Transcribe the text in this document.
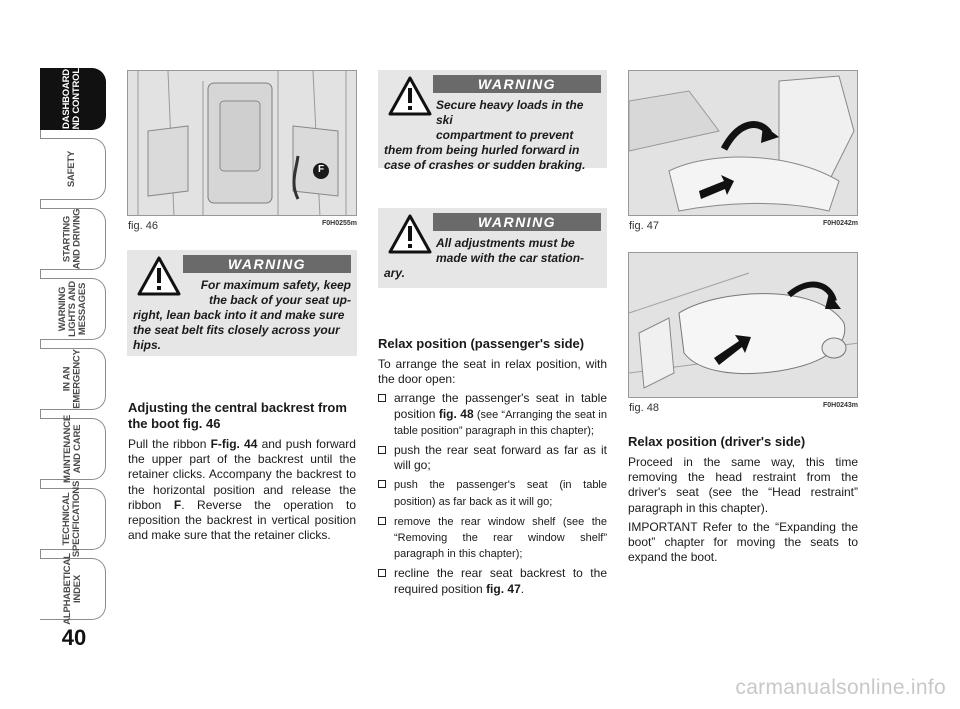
DASHBOARD
AND CONTROLS
SAFETY
STARTING
AND DRIVING
WARNING
LIGHTS AND
MESSAGES
IN AN
EMERGENCY
MAINTENANCE
AND CARE
TECHNICAL
SPECIFICATIONS
ALPHABETICAL
INDEX
40
F
fig. 46	F0H0255m
WARNING
For maximum safety, keep
the back of your seat up-
right, lean back into it and make sure the seat belt fits closely across your hips.
Adjusting the central backrest from the boot fig. 46

Pull the ribbon F-fig. 44 and push forward the upper part of the backrest until the retainer clicks. Accompany the backrest to the horizontal position and release the ribbon F. Reverse the operation to reposition the backrest in vertical position and make sure that the retainer clicks.

WARNING
Secure heavy loads in the ski
compartment to prevent
them from being hurled forward in case of crashes or sudden braking.
WARNING
All adjustments must be
made with the car station-
ary.
Relax position (passenger's side)

To arrange the seat in relax position, with the door open:

arrange the passenger's seat in table position fig. 48 (see “Arranging the seat in table position” paragraph in this chapter);
push the rear seat forward as far as it will go;
push the passenger's seat (in table position) as far back as it will go;
remove the rear window shelf (see the “Removing the rear window shelf” paragraph in this chapter);
recline the rear seat backrest to the required position fig. 47.
fig. 47	F0H0242m
fig. 48	F0H0243m
Relax position (driver's side)

Proceed in the same way, this time removing the head restraint from the driver's seat (see the “Head restraint” paragraph in this chapter).

IMPORTANT Refer to the “Expanding the boot” chapter for moving the seats to expand the boot.

carmanualsonline.info
